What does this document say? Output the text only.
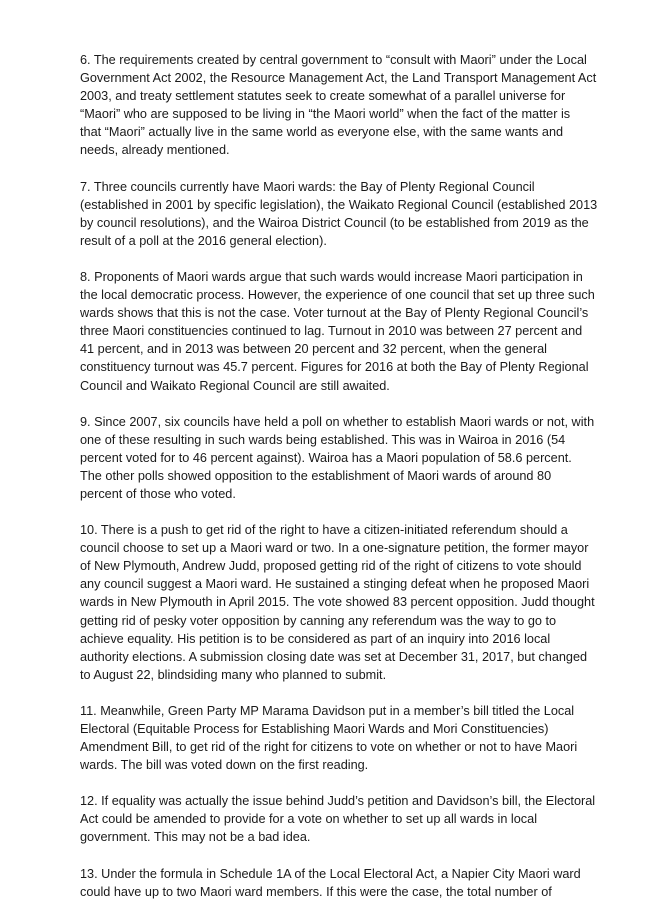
6. The requirements created by central government to “consult with Maori” under the Local
Government Act 2002, the Resource Management Act, the Land Transport Management Act
2003, and treaty settlement statutes seek to create somewhat of a parallel universe for
“Maori” who are supposed to be living in “the Maori world” when the fact of the matter is
that “Maori” actually live in the same world as everyone else, with the same wants and
needs, already mentioned.

7. Three councils currently have Maori wards: the Bay of Plenty Regional Council
(established in 2001 by specific legislation), the Waikato Regional Council (established 2013
by council resolutions), and the Wairoa District Council (to be established from 2019 as the
result of a poll at the 2016 general election).

8. Proponents of Maori wards argue that such wards would increase Maori participation in
the local democratic process. However, the experience of one council that set up three such
wards shows that this is not the case. Voter turnout at the Bay of Plenty Regional Council’s
three Maori constituencies continued to lag. Turnout in 2010 was between 27 percent and
41 percent, and in 2013 was between 20 percent and 32 percent, when the general
constituency turnout was 45.7 percent. Figures for 2016 at both the Bay of Plenty Regional
Council and Waikato Regional Council are still awaited.

9. Since 2007, six councils have held a poll on whether to establish Maori wards or not, with
one of these resulting in such wards being established. This was in Wairoa in 2016 (54
percent voted for to 46 percent against). Wairoa has a Maori population of 58.6 percent.
The other polls showed opposition to the establishment of Maori wards of around 80
percent of those who voted.

10. There is a push to get rid of the right to have a citizen-initiated referendum should a
council choose to set up a Maori ward or two. In a one-signature petition, the former mayor
of New Plymouth, Andrew Judd, proposed getting rid of the right of citizens to vote should
any council suggest a Maori ward. He sustained a stinging defeat when he proposed Maori
wards in New Plymouth in April 2015. The vote showed 83 percent opposition. Judd thought
getting rid of pesky voter opposition by canning any referendum was the way to go to
achieve equality. His petition is to be considered as part of an inquiry into 2016 local
authority elections. A submission closing date was set at December 31, 2017, but changed
to August 22, blindsiding many who planned to submit.

11. Meanwhile, Green Party MP Marama Davidson put in a member’s bill titled the Local
Electoral (Equitable Process for Establishing Maori Wards and Mori Constituencies)
Amendment Bill, to get rid of the right for citizens to vote on whether or not to have Maori
wards. The bill was voted down on the first reading.

12. If equality was actually the issue behind Judd’s petition and Davidson’s bill, the Electoral
Act could be amended to provide for a vote on whether to set up all wards in local
government. This may not be a bad idea.

13. Under the formula in Schedule 1A of the Local Electoral Act, a Napier City Maori ward
could have up to two Maori ward members. If this were the case, the total number of
